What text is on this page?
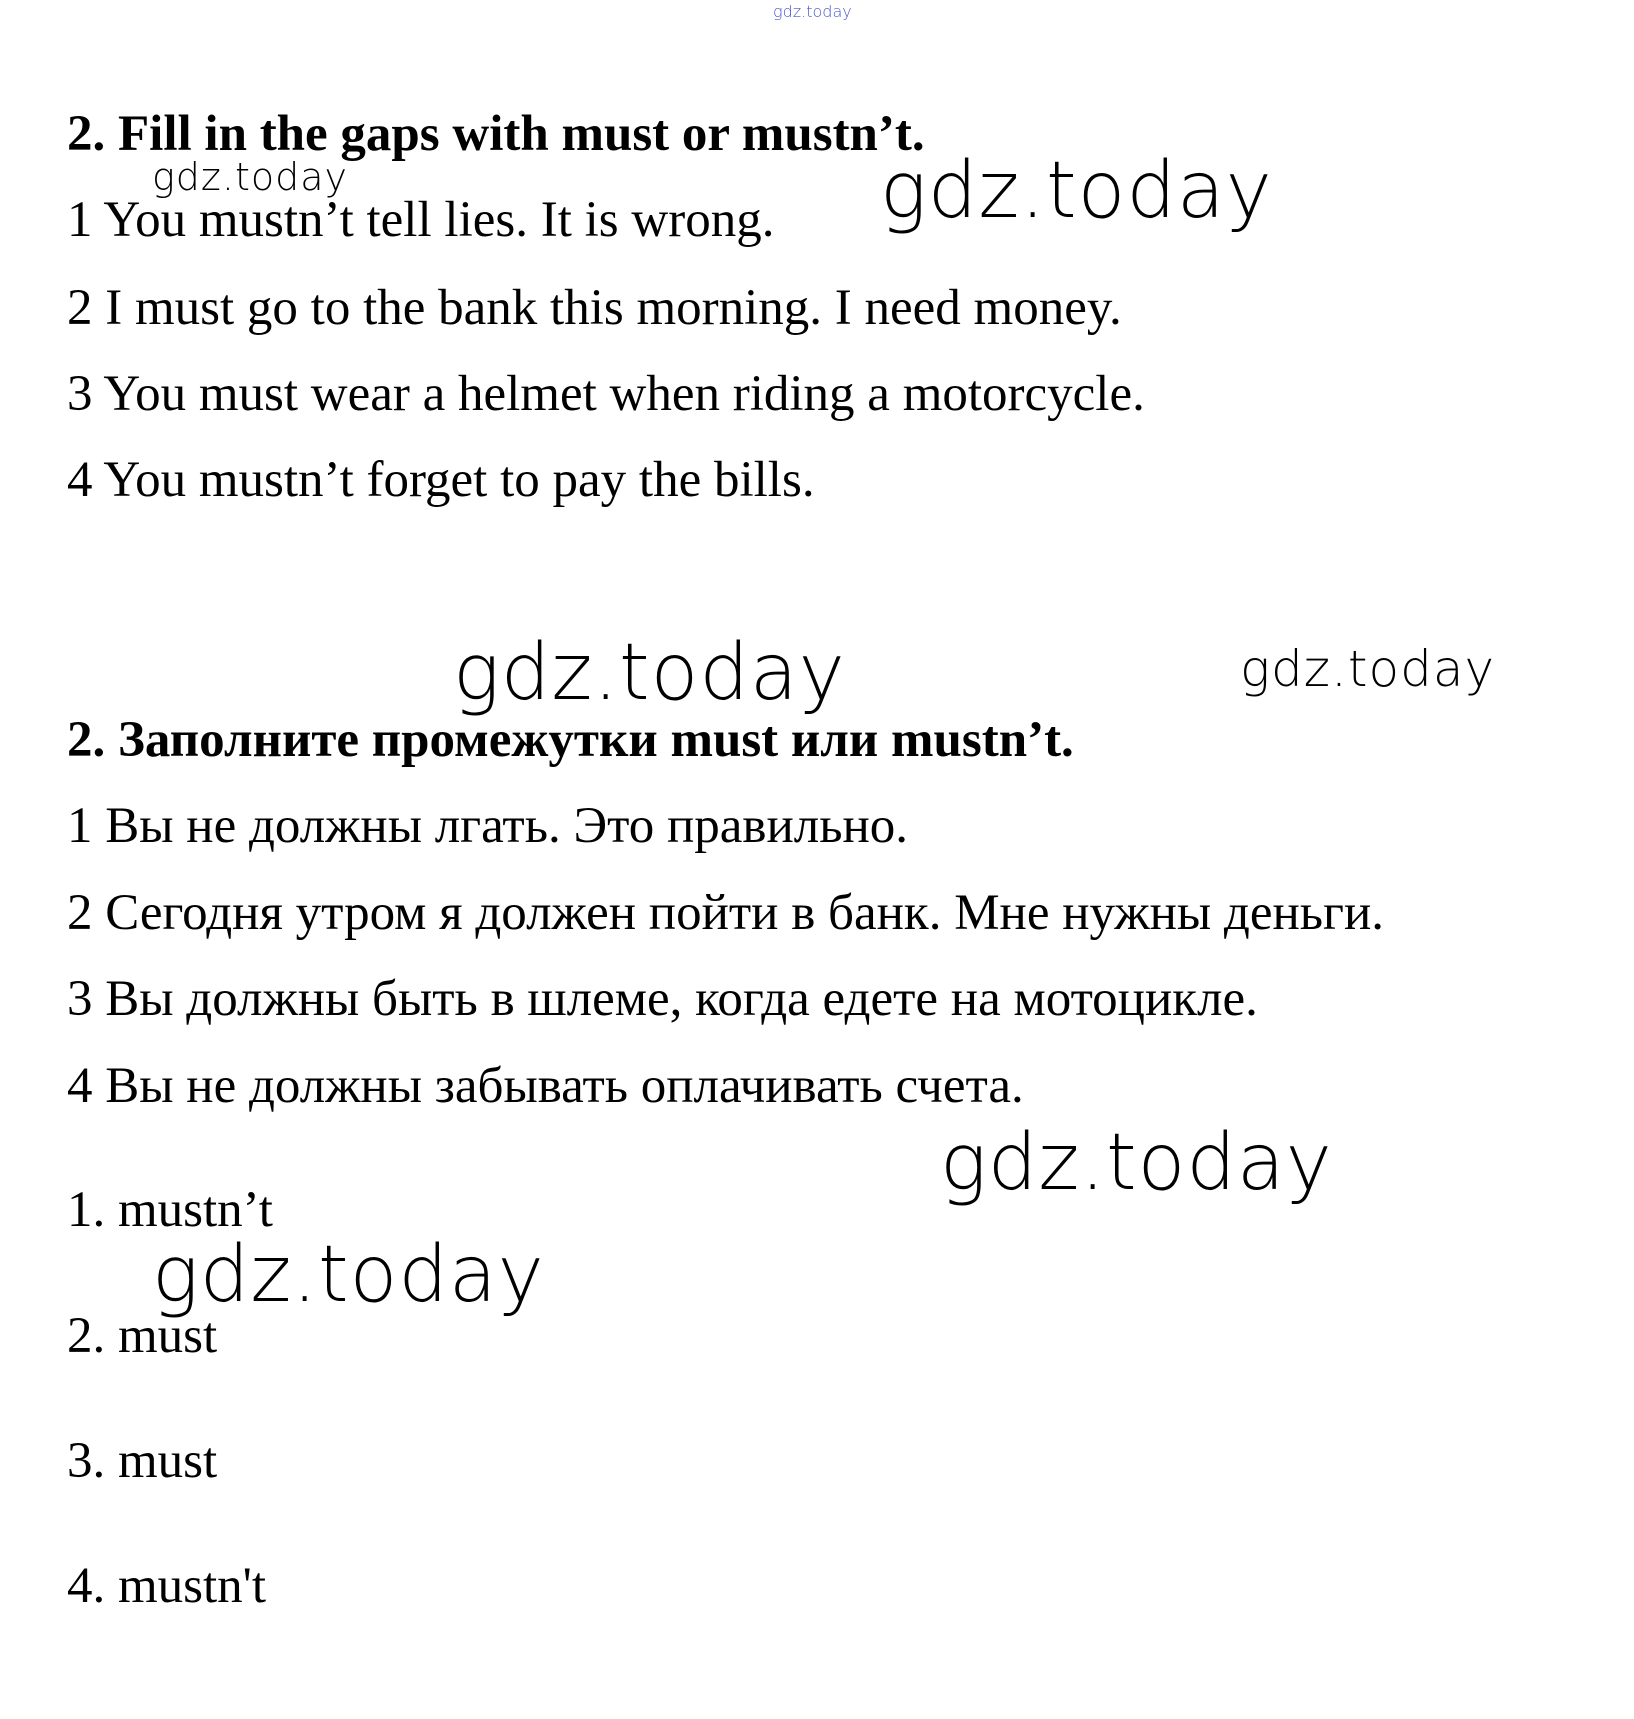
gdz.today
gdz.today	gdz.today
gdz.today	gdz.today
gdz.today
gdz.today

2. Fill in the gaps with must or mustn’t.

1 You mustn’t tell lies. It is wrong.

2 I must go to the bank this morning. I need money.

3 You must wear a helmet when riding a motorcycle.

4 You mustn’t forget to pay the bills.

2. Заполните промежутки must или mustn’t.

1 Вы не должны лгать. Это правильно.

2 Сегодня утром я должен пойти в банк. Мне нужны деньги.

3 Вы должны быть в шлеме, когда едете на мотоцикле.

4 Вы не должны забывать оплачивать счета.

1. mustn’t

2. must

3. must

4. mustn't
